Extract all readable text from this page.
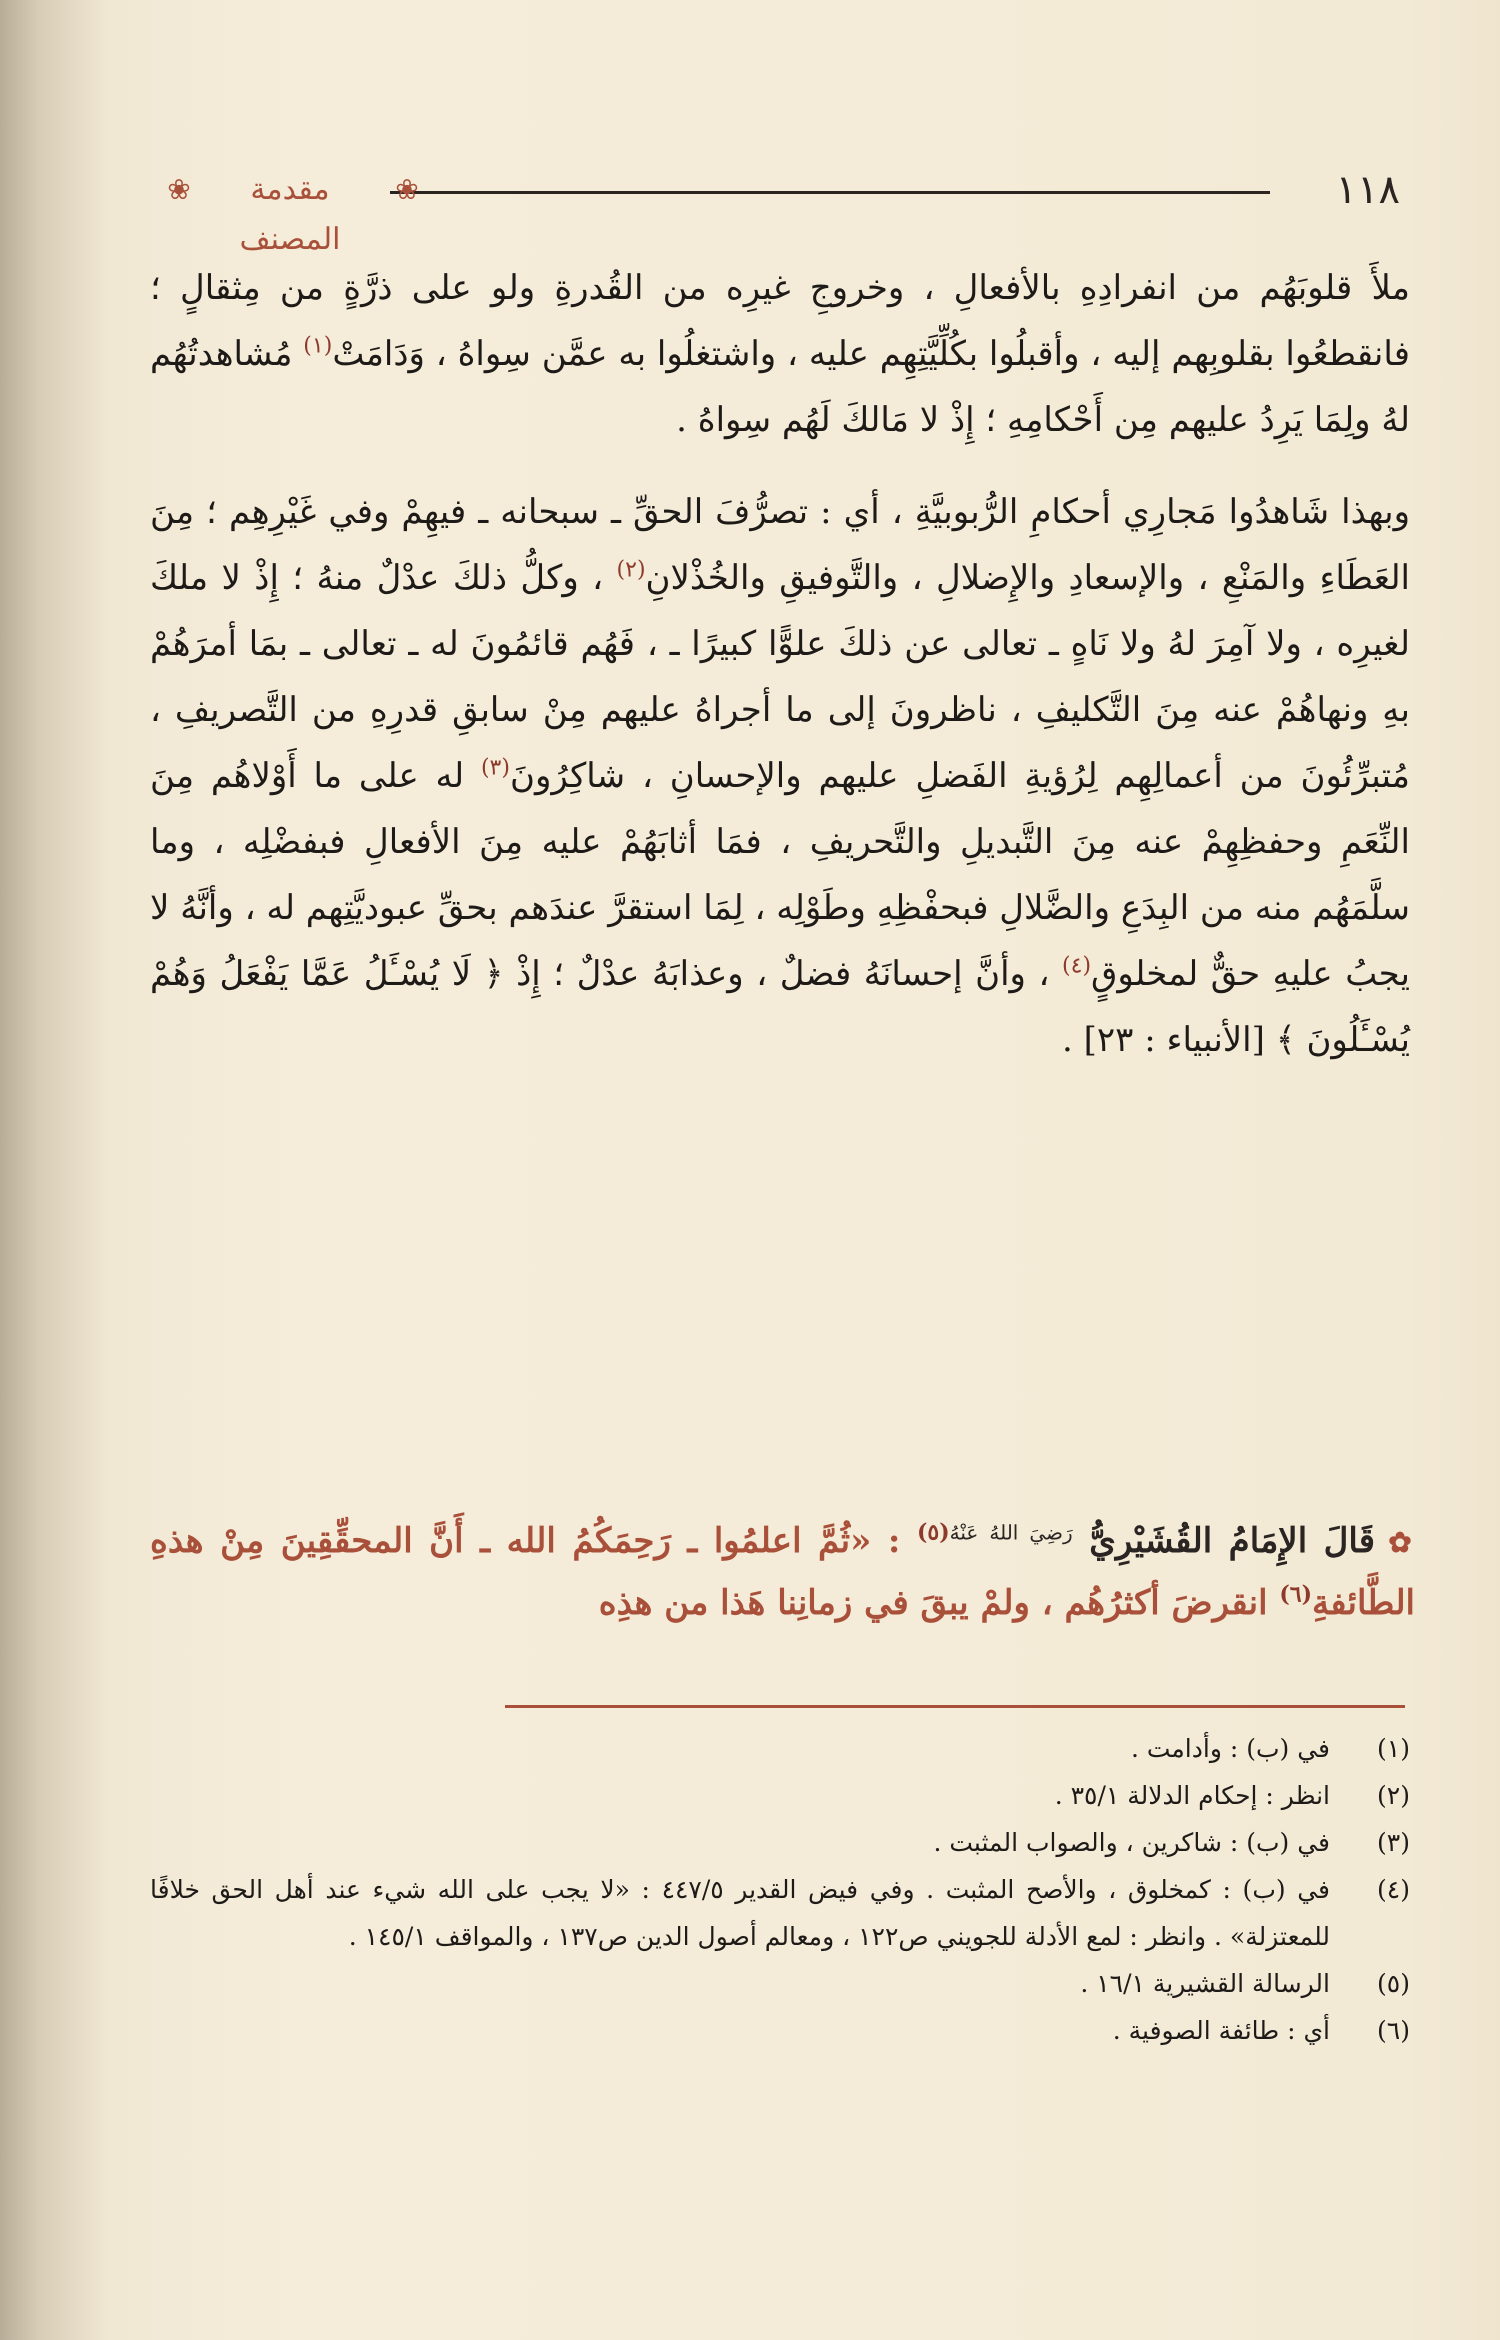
١١٨
❀
مقدمة المصنف
❀

ملأَ قلوبَهُم من انفرادِهِ بالأفعالِ ، وخروجِ غيرِه من القُدرةِ ولو على ذرَّةٍ من مِثقالٍ ؛ فانقطعُوا بقلوبِهم إليه ، وأقبلُوا بكُلِّيَّتِهِم عليه ، واشتغلُوا به عمَّن سِواهُ ، وَدَامَتْ$^{(١)}$ مُشاهدتُهُم لهُ ولِمَا يَرِدُ عليهم مِن أَحْكامِهِ ؛ إِذْ لا مَالكَ لَهُم سِواهُ .

وبهذا شَاهدُوا مَجارِي أحكامِ الرُّبوبيَّةِ ، أي : تصرُّفَ الحقِّ ـ سبحانه ـ فيهِمْ وفي غَيْرِهِم ؛ مِنَ العَطَاءِ والمَنْعِ ، والإسعادِ والإِضلالِ ، والتَّوفيقِ والخُذْلانِ$^{(٢)}$ ، وكلُّ ذلكَ عدْلٌ منهُ ؛ إِذْ لا ملكَ لغيرِه ، ولا آمِرَ لهُ ولا نَاهٍ ـ تعالى عن ذلكَ علوًّا كبيرًا ـ ، فَهُم قائمُونَ له ـ تعالى ـ بمَا أمرَهُمْ بهِ ونهاهُمْ عنه مِنَ التَّكليفِ ، ناظرونَ إلى ما أجراهُ عليهم مِنْ سابقِ قدرِهِ من التَّصريفِ ، مُتبرِّئُونَ من أعمالِهِم لِرُؤيةِ الفَضلِ عليهم والإحسانِ ، شاكِرُونَ$^{(٣)}$ له على ما أَوْلاهُم مِنَ النِّعَمِ وحفظِهِمْ عنه مِنَ التَّبديلِ والتَّحريفِ ، فمَا أثابَهُمْ عليه مِنَ الأفعالِ فبفضْلِه ، وما سلَّمَهُم منه من البِدَعِ والضَّلالِ فبحفْظِهِ وطَوْلِه ، لِمَا استقرَّ عندَهم بحقِّ عبوديَّتِهم له ، وأنَّهُ لا يجبُ عليهِ حقٌّ لمخلوقٍ$^{(٤)}$ ، وأنَّ إحسانَهُ فضلٌ ، وعذابَهُ عدْلٌ ؛ إِذْ ﴿ لَا يُسْـَٔلُ عَمَّا يَفْعَلُ وَهُمْ يُسْـَٔلُونَ ﴾ [الأنبياء : ٢٣] .

✿قَالَ الإِمَامُ القُشَيْرِيُّ $^{رَضِيَ اللهُ عَنْهُ(٥)}$ : «ثُمَّ اعلمُوا ـ رَحِمَكُمُ الله ـ أَنَّ المحقِّقِينَ مِنْ هذهِ الطَّائفةِ$^{(٦)}$ انقرضَ أكثرُهُم ، ولمْ يبقَ في زمانِنا هَذا من هذِه
(١)
في (ب) : وأدامت .
(٢)
انظر : إحكام الدلالة ٣٥/١ .
(٣)
في (ب) : شاكرين ، والصواب المثبت .
(٤)
في (ب) : كمخلوق ، والأصح المثبت . وفي فيض القدير ٤٤٧/٥ : «لا يجب على الله شيء عند أهل الحق خلافًا للمعتزلة» . وانظر : لمع الأدلة للجويني ص١٢٢ ، ومعالم أصول الدين ص١٣٧ ، والمواقف ١٤٥/١ .
(٥)
الرسالة القشيرية ١٦/١ .
(٦)
أي : طائفة الصوفية .
